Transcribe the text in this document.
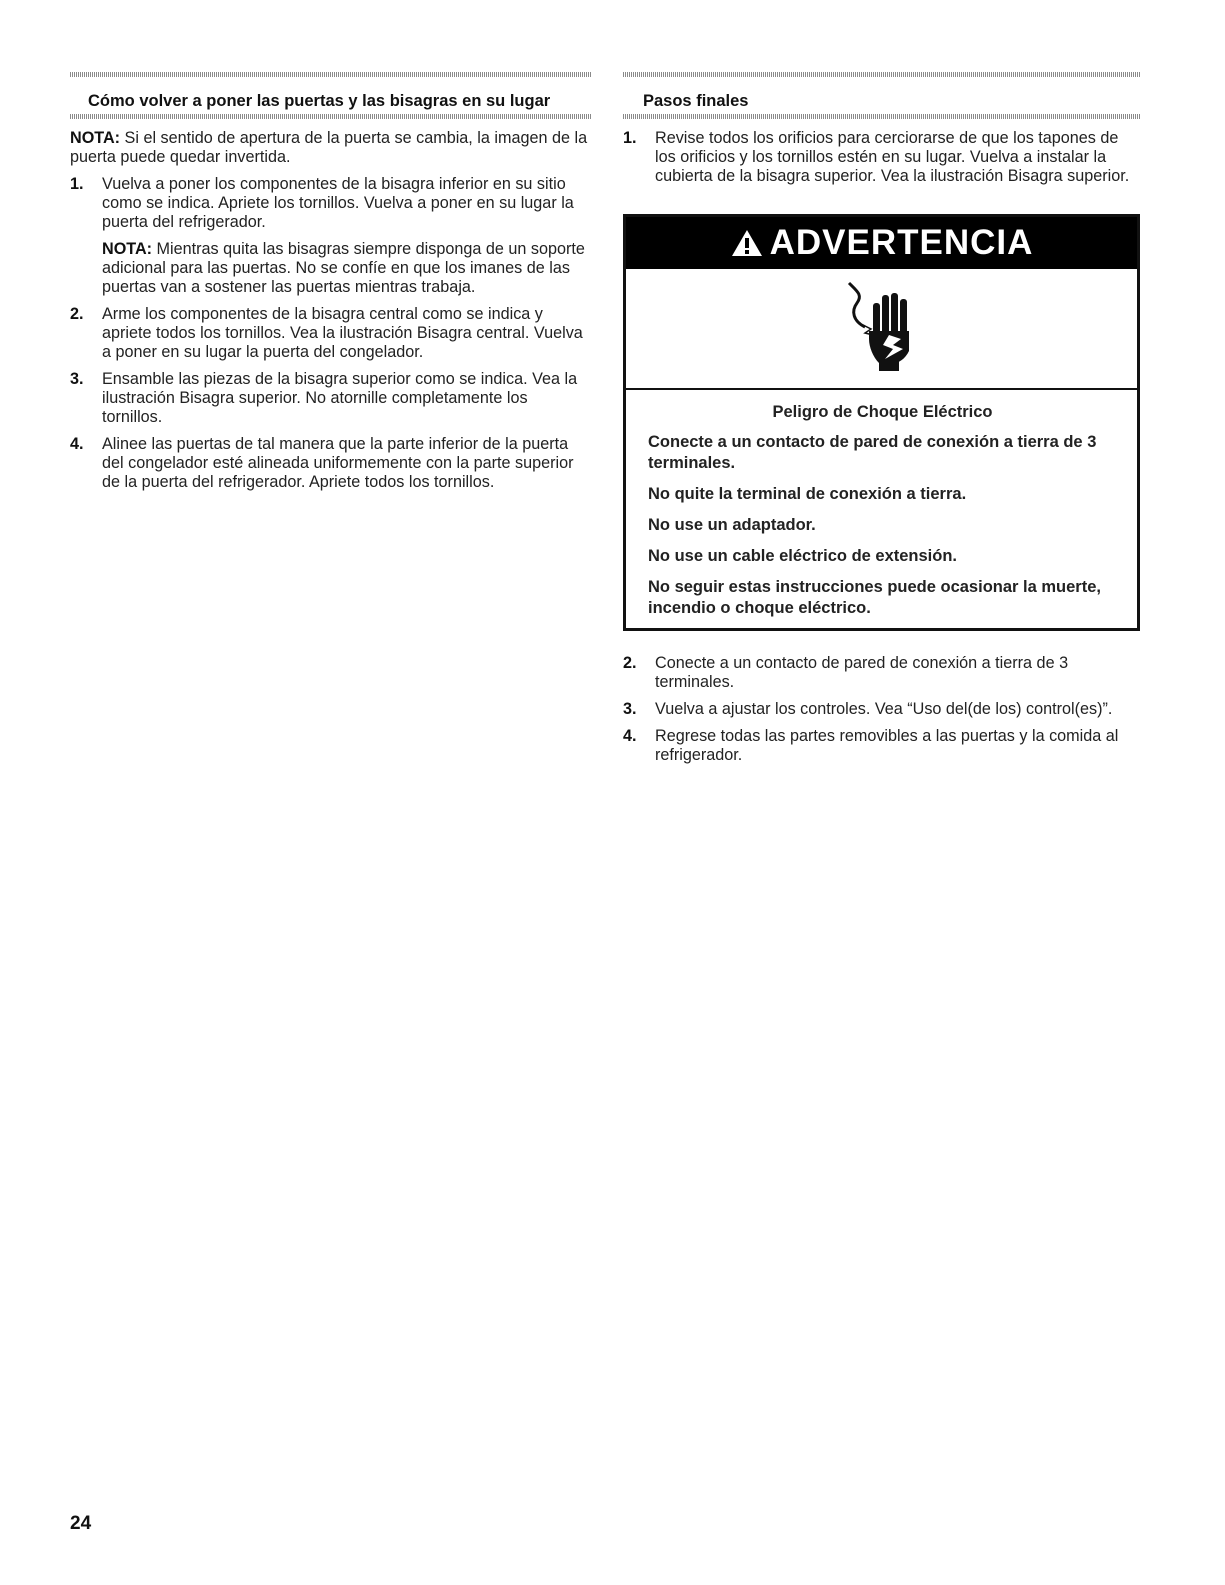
Cómo volver a poner las puertas y las bisagras en su lugar
NOTA: Si el sentido de apertura de la puerta se cambia, la imagen de la puerta puede quedar invertida.
1. Vuelva a poner los componentes de la bisagra inferior en su sitio como se indica. Apriete los tornillos. Vuelva a poner en su lugar la puerta del refrigerador.
NOTA: Mientras quita las bisagras siempre disponga de un soporte adicional para las puertas. No se confíe en que los imanes de las puertas van a sostener las puertas mientras trabaja.
2. Arme los componentes de la bisagra central como se indica y apriete todos los tornillos. Vea la ilustración Bisagra central. Vuelva a poner en su lugar la puerta del congelador.
3. Ensamble las piezas de la bisagra superior como se indica. Vea la ilustración Bisagra superior. No atornille completamente los tornillos.
4. Alinee las puertas de tal manera que la parte inferior de la puerta del congelador esté alineada uniformemente con la parte superior de la puerta del refrigerador. Apriete todos los tornillos.
Pasos finales
1. Revise todos los orificios para cerciorarse de que los tapones de los orificios y los tornillos estén en su lugar. Vuelva a instalar la cubierta de la bisagra superior. Vea la ilustración Bisagra superior.
ADVERTENCIA
Peligro de Choque Eléctrico

Conecte a un contacto de pared de conexión a tierra de 3 terminales.

No quite la terminal de conexión a tierra.

No use un adaptador.

No use un cable eléctrico de extensión.

No seguir estas instrucciones puede ocasionar la muerte, incendio o choque eléctrico.

2. Conecte a un contacto de pared de conexión a tierra de 3 terminales.
3. Vuelva a ajustar los controles. Vea “Uso del(de los) control(es)”.
4. Regrese todas las partes removibles a las puertas y la comida al refrigerador.
24
